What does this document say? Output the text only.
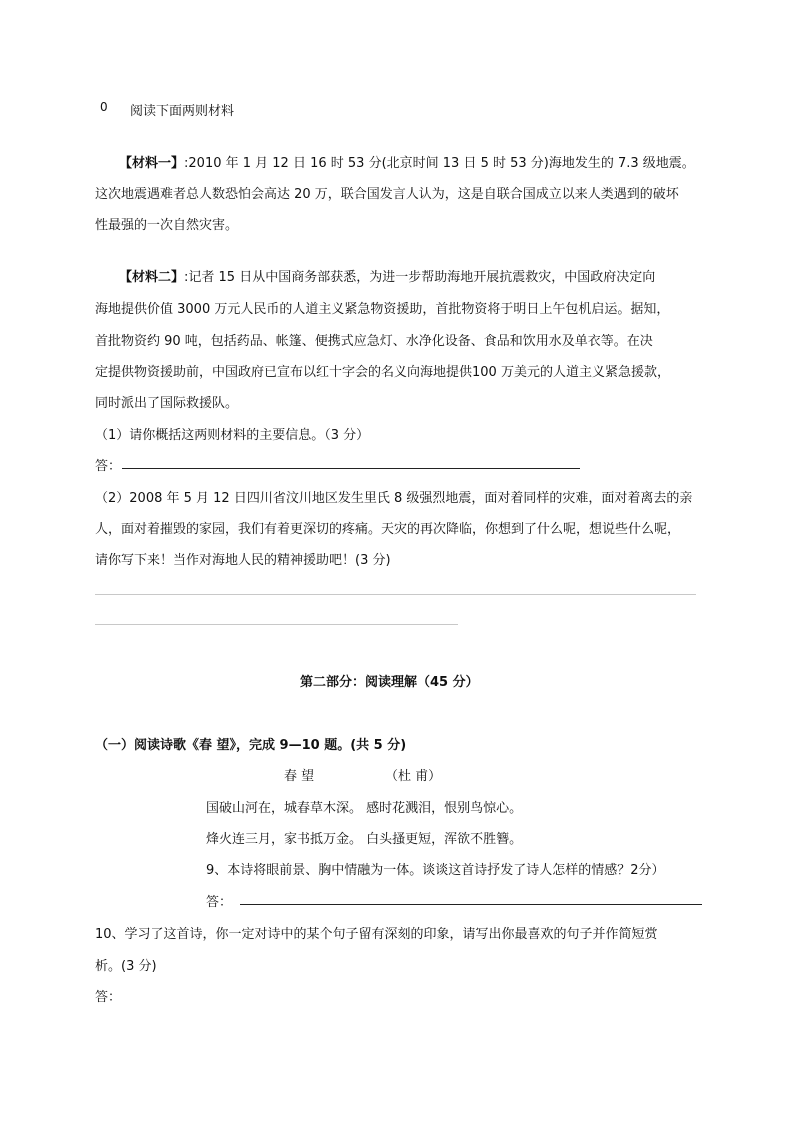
0 阅读下面两则材料
【材料一】:2010 年 1 月 12 日 16 时 53 分(北京时间 13 日 5 时 53 分)海地发生的 7.3 级地震。
这次地震遇难者总人数恐怕会高达 20 万，联合国发言人认为，这是自联合国成立以来人类遇到的破坏
性最强的一次自然灾害。
【材料二】:记者 15 日从中国商务部获悉，为进一步帮助海地开展抗震救灾，中国政府决定向
海地提供价值 3000 万元人民币的人道主义紧急物资援助，首批物资将于明日上午包机启运。据知，
首批物资约 90 吨，包括药品、帐篷、便携式应急灯、水净化设备、食品和饮用水及单衣等。在决
定提供物资援助前，中国政府已宣布以红十字会的名义向海地提供100 万美元的人道主义紧急援款，
同时派出了国际救援队。
（1）请你概括这两则材料的主要信息。（3 分）
答：
（2）2008 年 5 月 12 日四川省汶川地区发生里氏 8 级强烈地震，面对着同样的灾难，面对着离去的亲
人，面对着摧毁的家园，我们有着更深切的疼痛。天灾的再次降临，你想到了什么呢，想说些什么呢，
请你写下来！当作对海地人民的精神援助吧！(3 分)
第二部分：阅读理解（45 分）
（一）阅读诗歌《春 望》，完成 9—10 题。(共 5 分)
春 望	（杜 甫）
国破山河在，城春草木深。 感时花溅泪，恨别鸟惊心。
烽火连三月，家书抵万金。 白头搔更短，浑欲不胜簪。
9、本诗将眼前景、胸中情融为一体。谈谈这首诗抒发了诗人怎样的情感？2分）
答：
10、学习了这首诗，你一定对诗中的某个句子留有深刻的印象，请写出你最喜欢的句子并作简短赏
析。(3 分)
答：
